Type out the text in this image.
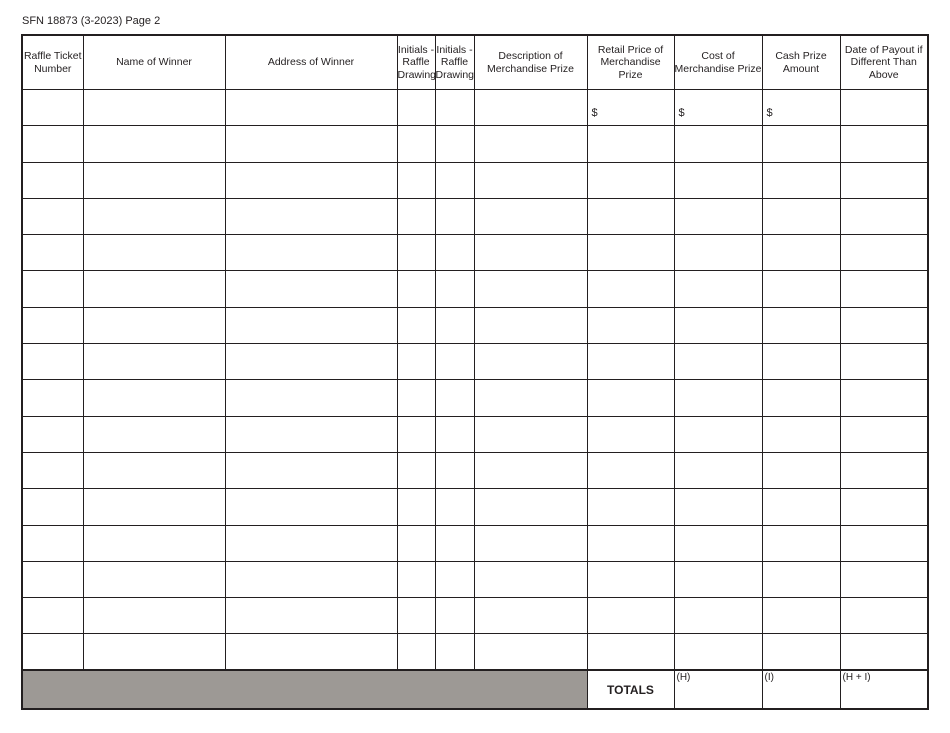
SFN 18873 (3-2023) Page 2
Raffle Ticket Number	Name of Winner	Address of Winner	Initials - Raffle Drawing	Initials - Raffle Drawing	Description of Merchandise Prize	Retail Price of Merchandise Prize	Cost of Merchandise Prize	Cash Prize Amount	Date of Payout if Different Than Above
						$	$	$	

						TOTALS	(H)	(I)	(H + I)
